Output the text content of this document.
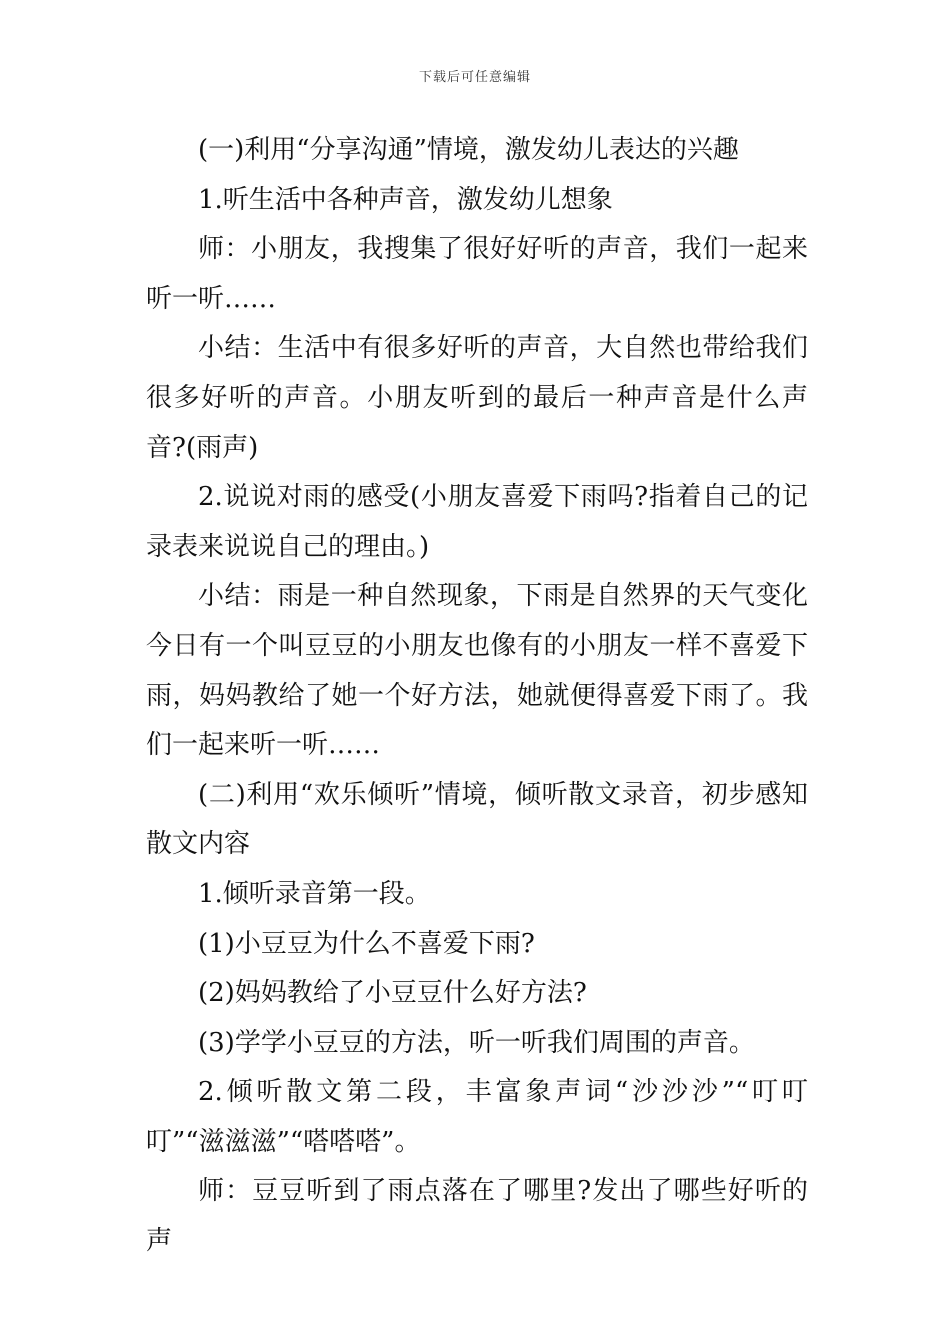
下载后可任意编辑

(一)利用“分享沟通”情境，激发幼儿表达的兴趣

1.听生活中各种声音，激发幼儿想象

师：小朋友，我搜集了很好好听的声音，我们一起来听一听……

小结：生活中有很多好听的声音，大自然也带给我们很多好听的声音。小朋友听到的最后一种声音是什么声音?(雨声)

2.说说对雨的感受(小朋友喜爱下雨吗?指着自己的记录表来说说自己的理由。)

小结：雨是一种自然现象，下雨是自然界的天气变化今日有一个叫豆豆的小朋友也像有的小朋友一样不喜爱下雨，妈妈教给了她一个好方法，她就便得喜爱下雨了。我们一起来听一听……

(二)利用“欢乐倾听”情境，倾听散文录音，初步感知散文内容

1.倾听录音第一段。

(1)小豆豆为什么不喜爱下雨?

(2)妈妈教给了小豆豆什么好方法?

(3)学学小豆豆的方法，听一听我们周围的声音。

2.倾听散文第二段，丰富象声词“沙沙沙”“叮叮叮”“滋滋滋”“嗒嗒嗒”。

师：豆豆听到了雨点落在了哪里?发出了哪些好听的声
